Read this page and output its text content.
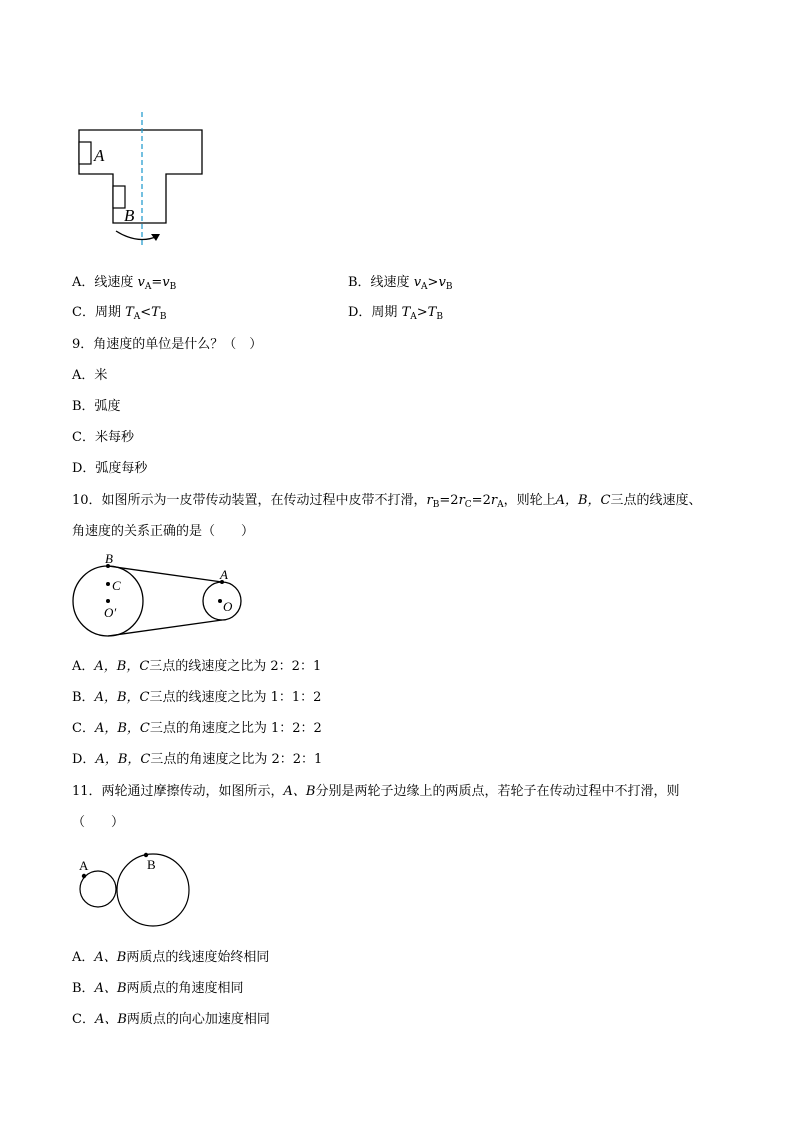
A
B
A．线速度 $v_A=v_B$	B．线速度 $v_A>v_B$
C．周期 $T_A<T_B$	D．周期 $T_A>T_B$
9．角速度的单位是什么？（　）
A．米
B．弧度
C．米每秒
D．弧度每秒
10．如图所示为一皮带传动装置，在传动过程中皮带不打滑，$r_B=2r_C=2r_A$，则轮上A，B，C三点的线速度、
角速度的关系正确的是（　　）
B
C
O′
A
O
A．A，B，C三点的线速度之比为 2：2：1
B．A，B，C三点的线速度之比为 1：1：2
C．A，B，C三点的角速度之比为 1：2：2
D．A，B，C三点的角速度之比为 2：2：1
11．两轮通过摩擦传动，如图所示，A、B分别是两轮子边缘上的两质点，若轮子在传动过程中不打滑，则
（　　）
A	B
A．A、B两质点的线速度始终相同
B．A、B两质点的角速度相同
C．A、B两质点的向心加速度相同
